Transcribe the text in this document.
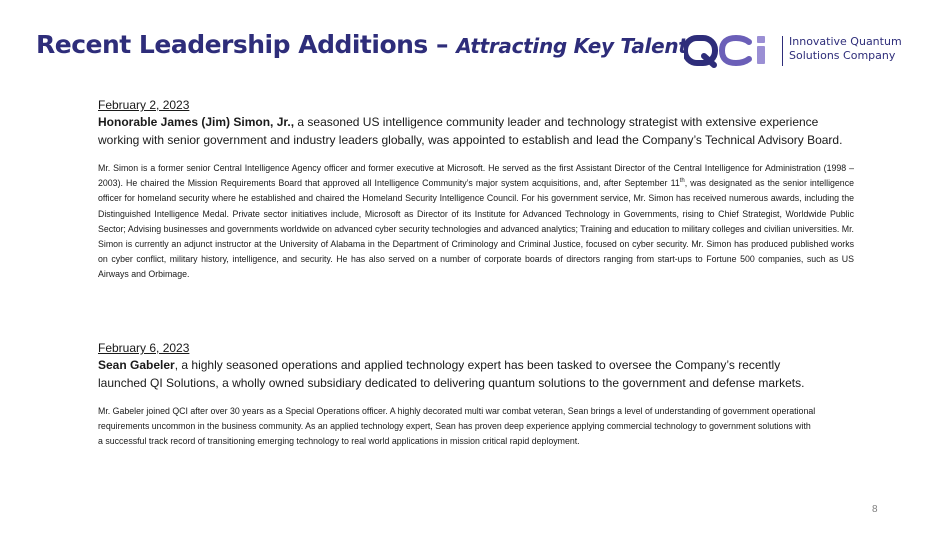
Recent Leadership Additions – Attracting Key Talent	Innovative Quantum
Solutions Company

February 2, 2023

Honorable James (Jim) Simon, Jr., a seasoned US intelligence community leader and technology strategist with extensive experience working with senior government and industry leaders globally, was appointed to establish and lead the Company’s Technical Advisory Board.

Mr. Simon is a former senior Central Intelligence Agency officer and former executive at Microsoft. He served as the first Assistant Director of the Central Intelligence for Administration (1998 – 2003). He chaired the Mission Requirements Board that approved all Intelligence Community’s major system acquisitions, and, after September 11th, was designated as the senior intelligence officer for homeland security where he established and chaired the Homeland Security Intelligence Council. For his government service, Mr. Simon has received numerous awards, including the Distinguished Intelligence Medal. Private sector initiatives include, Microsoft as Director of its Institute for Advanced Technology in Governments, rising to Chief Strategist, Worldwide Public Sector; Advising businesses and governments worldwide on advanced cyber security technologies and advanced analytics; Training and education to military colleges and civilian universities. Mr. Simon is currently an adjunct instructor at the University of Alabama in the Department of Criminology and Criminal Justice, focused on cyber security. Mr. Simon has produced published works on cyber conflict, military history, intelligence, and security. He has also served on a number of corporate boards of directors ranging from start-ups to Fortune 500 companies, such as US Airways and Orbimage.

February 6, 2023

Sean Gabeler, a highly seasoned operations and applied technology expert has been tasked to oversee the Company’s recently launched QI Solutions, a wholly owned subsidiary dedicated to delivering quantum solutions to the government and defense markets.

Mr. Gabeler joined QCI after over 30 years as a Special Operations officer. A highly decorated multi war combat veteran, Sean brings a level of understanding of government operational requirements uncommon in the business community. As an applied technology expert, Sean has proven deep experience applying commercial technology to government solutions with a successful track record of transitioning emerging technology to real world applications in mission critical rapid deployment.

8
